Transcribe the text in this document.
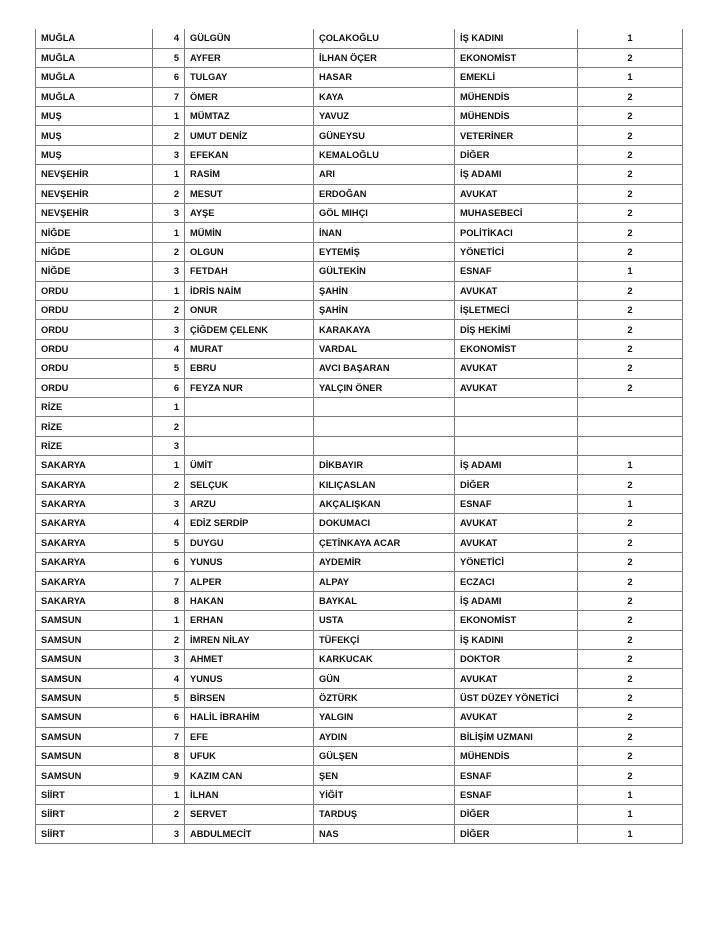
MUĞLA	4	GÜLGÜN	ÇOLAKOĞLU	İŞ KADINI	1
MUĞLA	5	AYFER	İLHAN ÖÇER	EKONOMİST	2
MUĞLA	6	TULGAY	HASAR	EMEKLİ	1
MUĞLA	7	ÖMER	KAYA	MÜHENDİS	2
MUŞ	1	MÜMTAZ	YAVUZ	MÜHENDİS	2
MUŞ	2	UMUT DENİZ	GÜNEYSU	VETERİNER	2
MUŞ	3	EFEKAN	KEMALOĞLU	DİĞER	2
NEVŞEHİR	1	RASİM	ARI	İŞ ADAMI	2
NEVŞEHİR	2	MESUT	ERDOĞAN	AVUKAT	2
NEVŞEHİR	3	AYŞE	GÖL MIHÇI	MUHASEBECİ	2
NİĞDE	1	MÜMİN	İNAN	POLİTİKACI	2
NİĞDE	2	OLGUN	EYTEMİŞ	YÖNETİCİ	2
NİĞDE	3	FETDAH	GÜLTEKİN	ESNAF	1
ORDU	1	İDRİS NAİM	ŞAHİN	AVUKAT	2
ORDU	2	ONUR	ŞAHİN	İŞLETMECİ	2
ORDU	3	ÇİĞDEM ÇELENK	KARAKAYA	DİŞ HEKİMİ	2
ORDU	4	MURAT	VARDAL	EKONOMİST	2
ORDU	5	EBRU	AVCI BAŞARAN	AVUKAT	2
ORDU	6	FEYZA NUR	YALÇIN ÖNER	AVUKAT	2
RİZE	1				
RİZE	2				
RİZE	3				
SAKARYA	1	ÜMİT	DİKBAYIR	İŞ ADAMI	1
SAKARYA	2	SELÇUK	KILIÇASLAN	DİĞER	2
SAKARYA	3	ARZU	AKÇALIŞKAN	ESNAF	1
SAKARYA	4	EDİZ SERDİP	DOKUMACI	AVUKAT	2
SAKARYA	5	DUYGU	ÇETİNKAYA ACAR	AVUKAT	2
SAKARYA	6	YUNUS	AYDEMİR	YÖNETİCİ	2
SAKARYA	7	ALPER	ALPAY	ECZACI	2
SAKARYA	8	HAKAN	BAYKAL	İŞ ADAMI	2
SAMSUN	1	ERHAN	USTA	EKONOMİST	2
SAMSUN	2	İMREN NİLAY	TÜFEKÇİ	İŞ KADINI	2
SAMSUN	3	AHMET	KARKUCAK	DOKTOR	2
SAMSUN	4	YUNUS	GÜN	AVUKAT	2
SAMSUN	5	BİRSEN	ÖZTÜRK	ÜST DÜZEY YÖNETİCİ	2
SAMSUN	6	HALİL İBRAHİM	YALGIN	AVUKAT	2
SAMSUN	7	EFE	AYDIN	BİLİŞİM UZMANI	2
SAMSUN	8	UFUK	GÜLŞEN	MÜHENDİS	2
SAMSUN	9	KAZIM CAN	ŞEN	ESNAF	2
SİİRT	1	İLHAN	YİĞİT	ESNAF	1
SİİRT	2	SERVET	TARDUŞ	DİĞER	1
SİİRT	3	ABDULMECİT	NAS	DİĞER	1
